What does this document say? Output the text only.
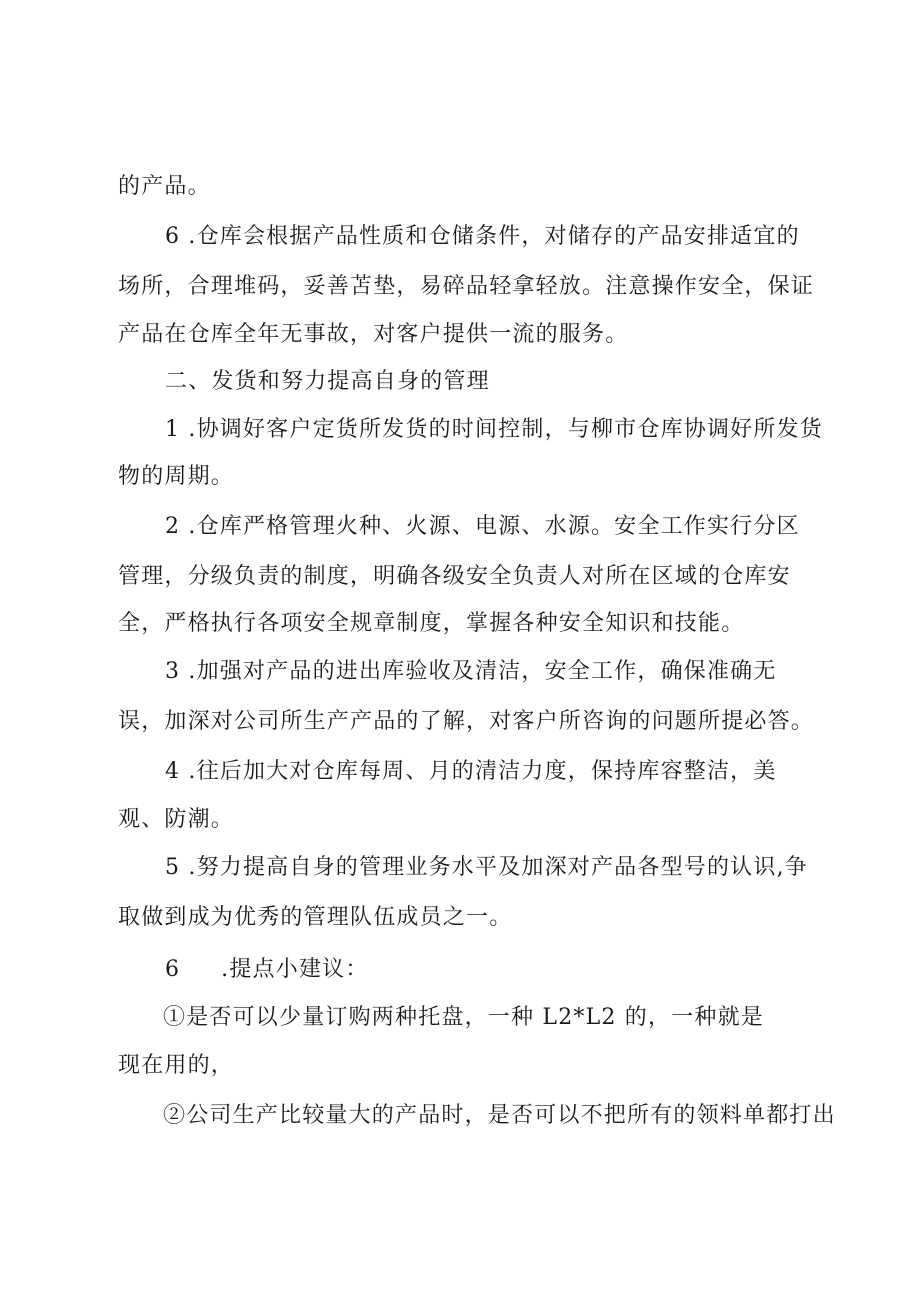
的产品。
6 .仓库会根据产品性质和仓储条件，对储存的产品安排适宜的
场所，合理堆码，妥善苫垫，易碎品轻拿轻放。注意操作安全，保证
产品在仓库全年无事故，对客户提供一流的服务。
二、发货和努力提高自身的管理
1 .协调好客户定货所发货的时间控制，与柳市仓库协调好所发货
物的周期。
2 .仓库严格管理火种、火源、电源、水源。安全工作实行分区
管理，分级负责的制度，明确各级安全负责人对所在区域的仓库安
全，严格执行各项安全规章制度，掌握各种安全知识和技能。
3 .加强对产品的进出库验收及清洁，安全工作，确保准确无
误，加深对公司所生产产品的了解，对客户所咨询的问题所提必答。
4 .往后加大对仓库每周、月的清洁力度，保持库容整洁，美
观、防潮。
5 .努力提高自身的管理业务水平及加深对产品各型号的认识,争
取做到成为优秀的管理队伍成员之一。
6     .提点小建议：
①是否可以少量订购两种托盘，一种 L2*L2 的，一种就是
现在用的，
②公司生产比较量大的产品时，是否可以不把所有的领料单都打出
